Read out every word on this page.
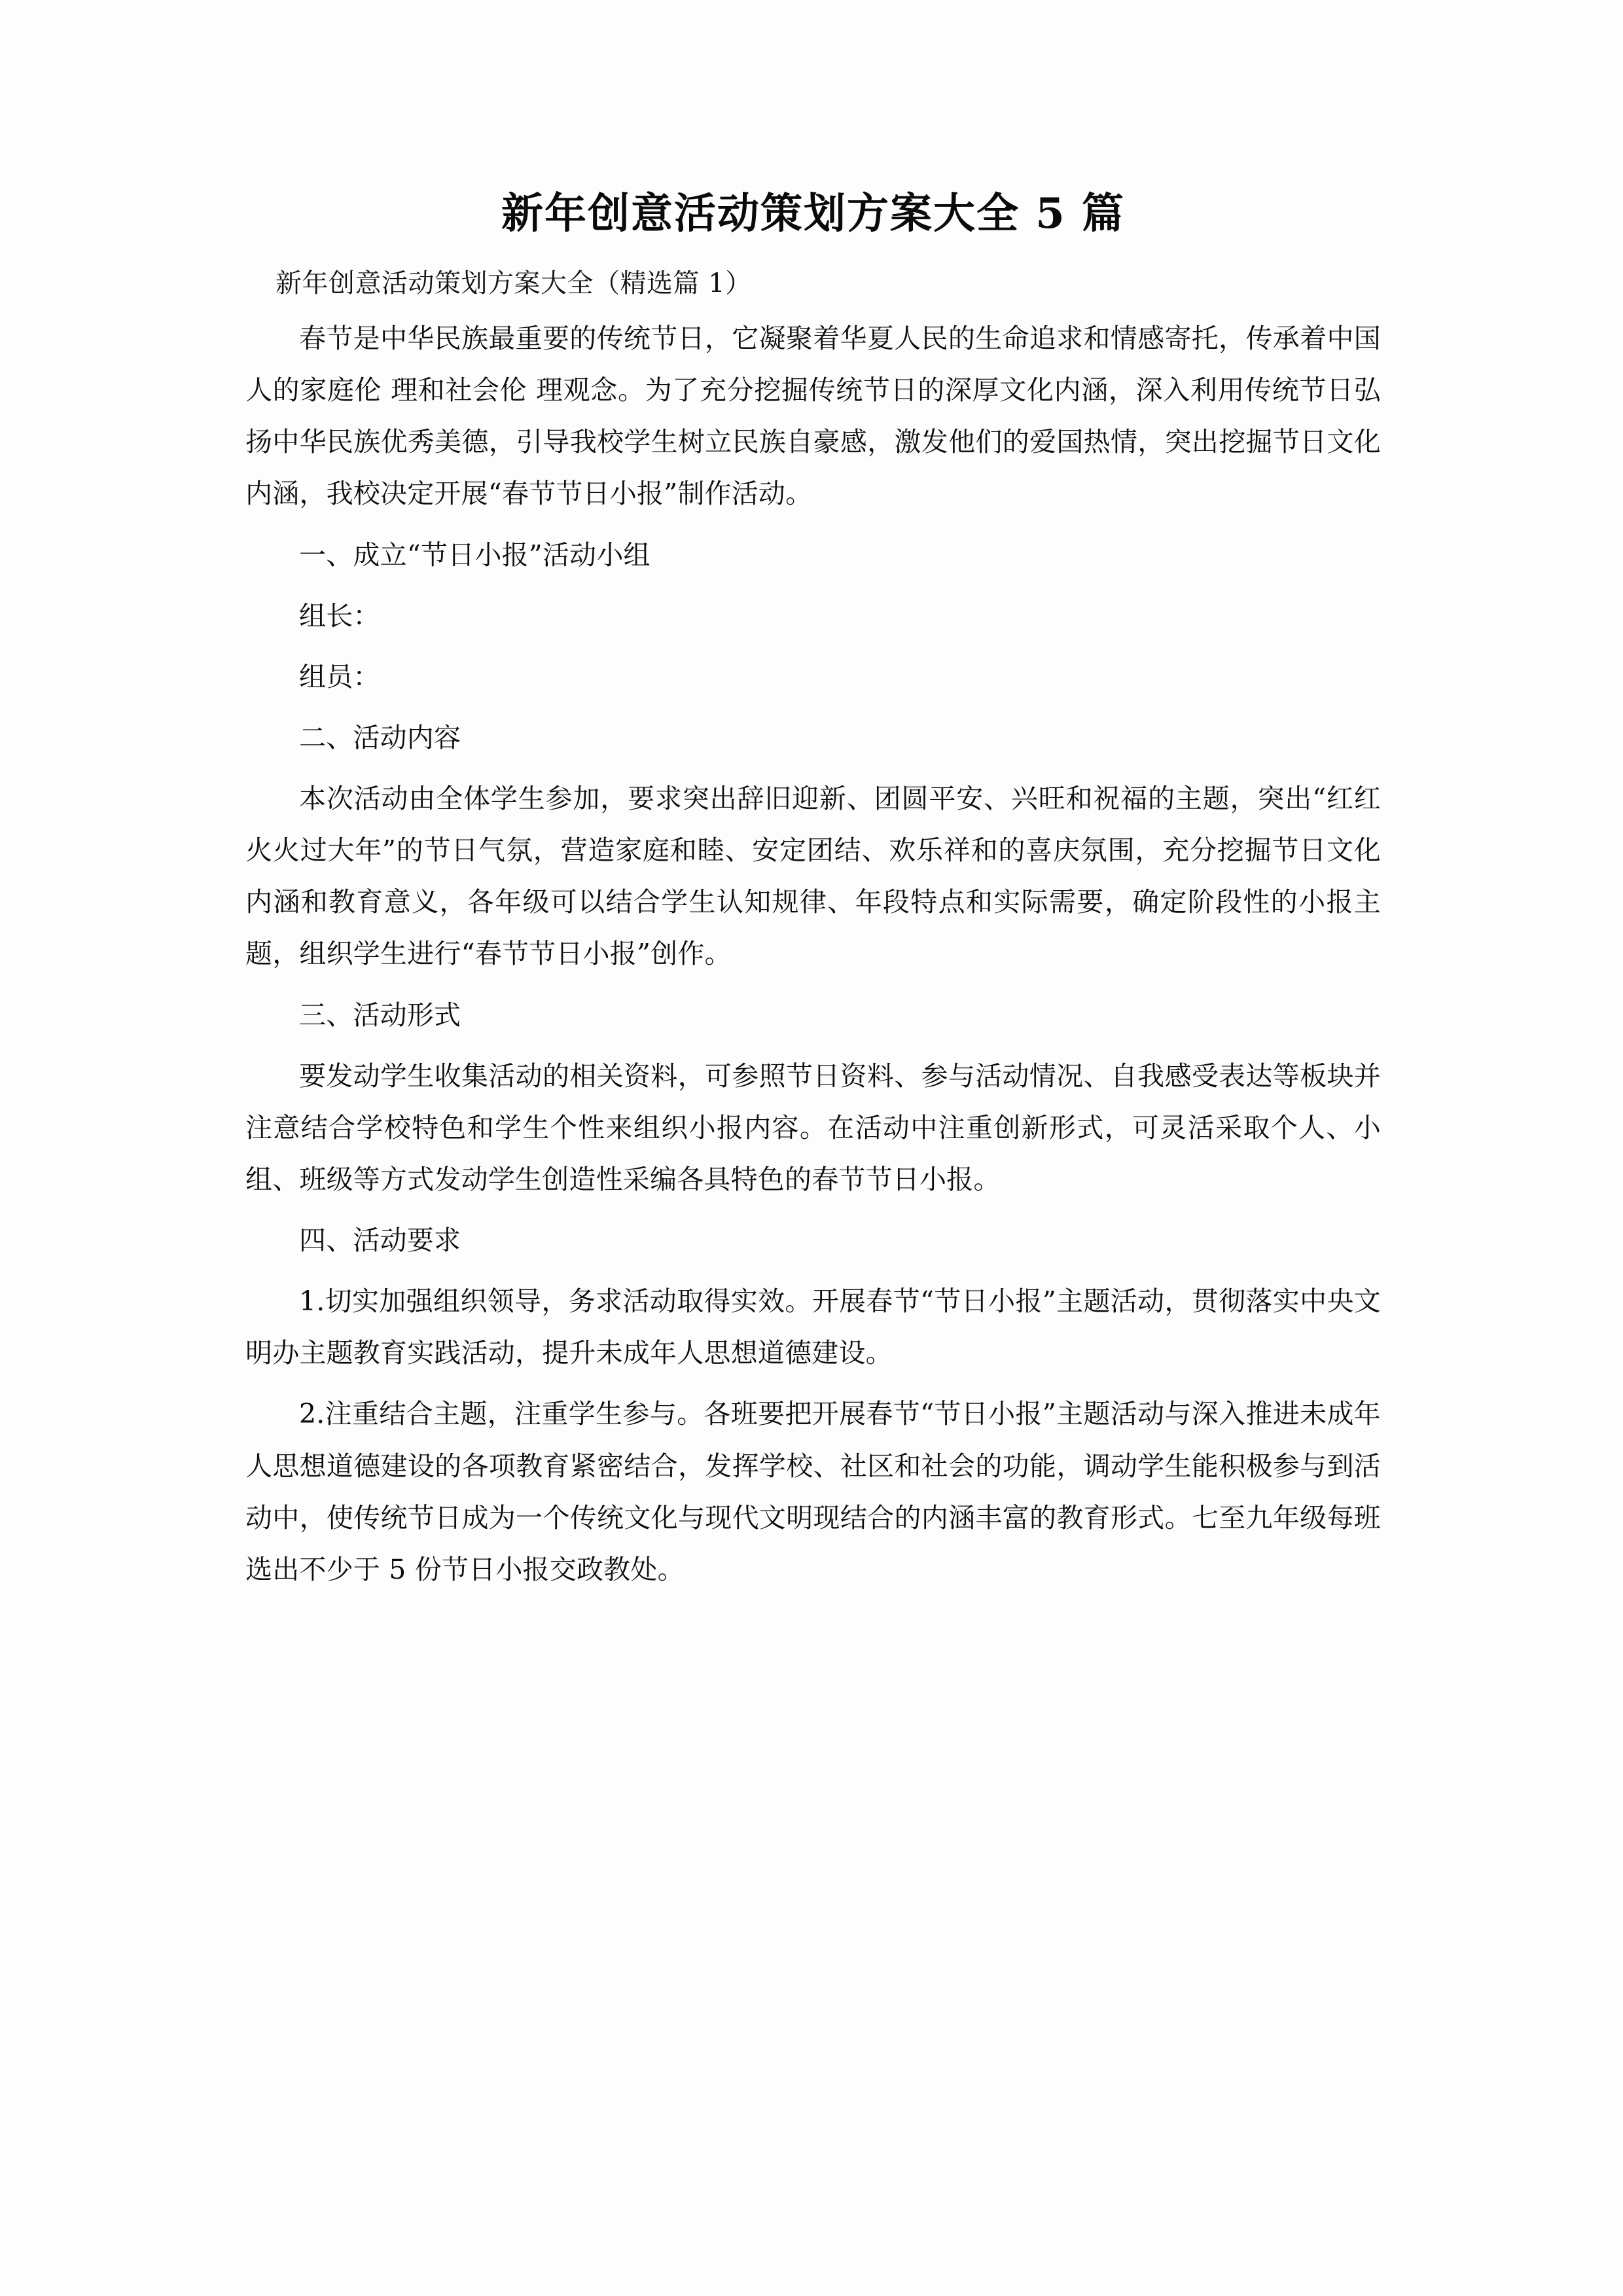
新年创意活动策划方案大全 5 篇

新年创意活动策划方案大全（精选篇 1）

春节是中华民族最重要的传统节日，它凝聚着华夏人民的生命追求和情感寄托，传承着中国人的家庭伦 理和社会伦 理观念。为了充分挖掘传统节日的深厚文化内涵，深入利用传统节日弘扬中华民族优秀美德，引导我校学生树立民族自豪感，激发他们的爱国热情，突出挖掘节日文化内涵，我校决定开展“春节节日小报”制作活动。

一、成立“节日小报”活动小组

组长：

组员：

二、活动内容

本次活动由全体学生参加，要求突出辞旧迎新、团圆平安、兴旺和祝福的主题，突出“红红火火过大年”的节日气氛，营造家庭和睦、安定团结、欢乐祥和的喜庆氛围，充分挖掘节日文化内涵和教育意义，各年级可以结合学生认知规律、年段特点和实际需要，确定阶段性的小报主题，组织学生进行“春节节日小报”创作。

三、活动形式

要发动学生收集活动的相关资料，可参照节日资料、参与活动情况、自我感受表达等板块并注意结合学校特色和学生个性来组织小报内容。在活动中注重创新形式，可灵活采取个人、小组、班级等方式发动学生创造性采编各具特色的春节节日小报。

四、活动要求

1.切实加强组织领导，务求活动取得实效。开展春节“节日小报”主题活动，贯彻落实中央文明办主题教育实践活动，提升未成年人思想道德建设。

2.注重结合主题，注重学生参与。各班要把开展春节“节日小报”主题活动与深入推进未成年人思想道德建设的各项教育紧密结合，发挥学校、社区和社会的功能，调动学生能积极参与到活动中，使传统节日成为一个传统文化与现代文明现结合的内涵丰富的教育形式。七至九年级每班选出不少于 5 份节日小报交政教处。
